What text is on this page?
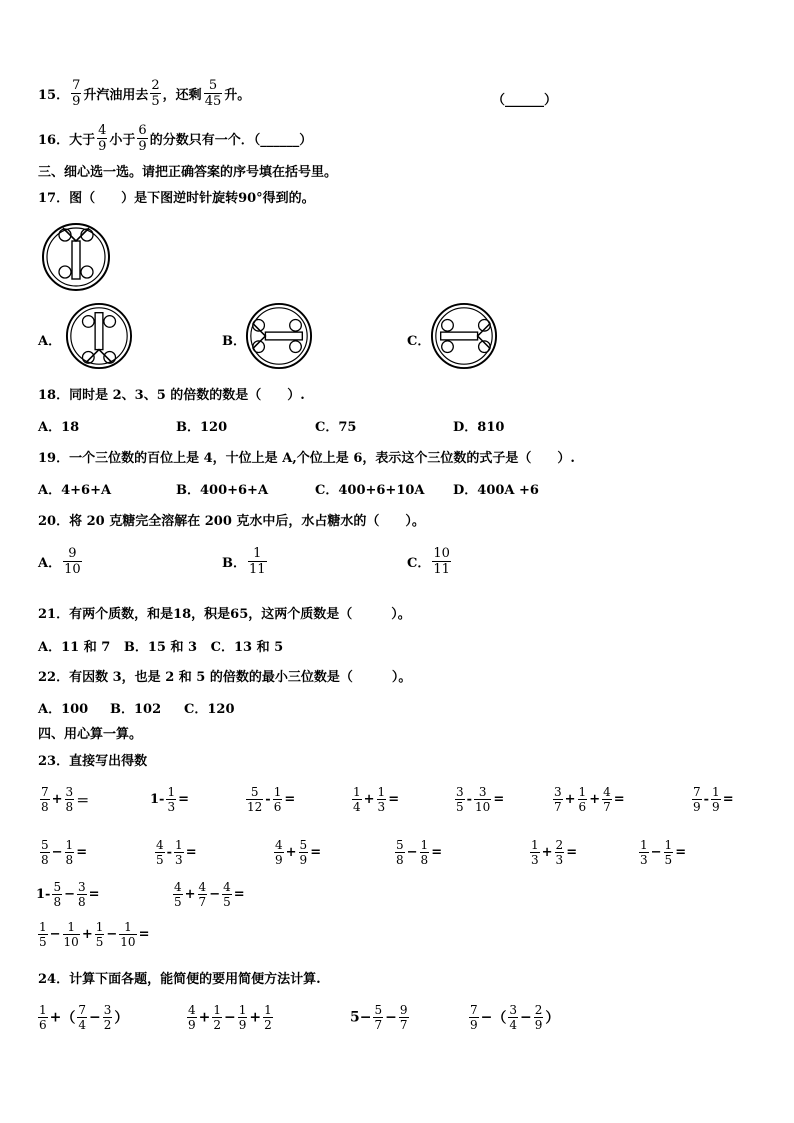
15． $\frac{7}{9}$ 升汽油用去 $\frac{2}{5}$ ，还剩 $\frac{5}{45}$ 升。	（______）
16．大于 $\frac{4}{9}$ 小于 $\frac{6}{9}$ 的分数只有一个．（______）
三、细心选一选。请把正确答案的序号填在括号里。
17．图（　　）是下图逆时针旋转90°得到的。
A．	B．	C．
18．同时是 2、3、5 的倍数的数是（　　）.
A．18	B．120	C．75	D．810
19．一个三位数的百位上是 4，十位上是 A,个位上是 6，表示这个三位数的式子是（　　）.
A．4+6+A	B．400+6+A	C．400+6+10A D．400A +6
20．将 20 克糖完全溶解在 200 克水中后，水占糖水的（　　）。
A． $\frac{9}{10}$	B． $\frac{1}{11}$	C． $\frac{10}{11}$
21．有两个质数，和是18，积是65，这两个质数是（　　　）。
A．11 和 7   B．15 和 3   C．13 和 5
22．有因数 3，也是 2 和 5 的倍数的最小三位数是（　　　）。
A．100 B．102 C．120
四、用心算一算。
23．直接写出得数
$\frac{7}{8} + \frac{3}{8}$ ＝	$1- \frac{1}{3}$ =	$\frac{5}{12} - \frac{1}{6}$ =	$\frac{1}{4} + \frac{1}{3}$ =	$\frac{3}{5} - \frac{3}{10}$ =	$\frac{3}{7} + \frac{1}{6} + \frac{4}{7}$ =	$\frac{7}{9} - \frac{1}{9}$ =
$\frac{5}{8} - \frac{1}{8}$ =	$\frac{4}{5} - \frac{1}{3}$ =	$\frac{4}{9} + \frac{5}{9}$ =	$\frac{5}{8} - \frac{1}{8}$ =	$\frac{1}{3} + \frac{2}{3}$ =	$\frac{1}{3} - \frac{1}{5}$ =
$1- \frac{5}{8} - \frac{3}{8}$ =	$\frac{4}{5} + \frac{4}{7} - \frac{4}{5}$ =
$\frac{1}{5} - \frac{1}{10} + \frac{1}{5} - \frac{1}{10}$ =
24．计算下面各题，能简便的要用简便方法计算.
$\frac{1}{6}$ +（ $\frac{7}{4} - \frac{3}{2}$ ）	$\frac{4}{9} + \frac{1}{2} - \frac{1}{9} + \frac{1}{2}$	$5- \frac{5}{7} - \frac{9}{7}$	$\frac{7}{9}$ −（ $\frac{3}{4} - \frac{2}{9}$ ）
